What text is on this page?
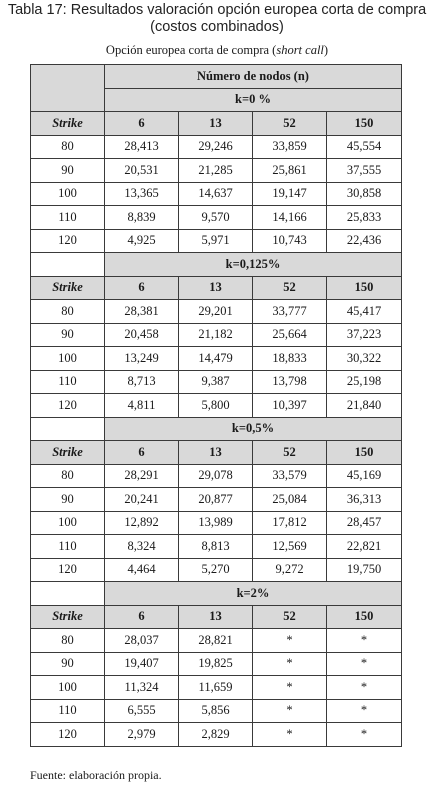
Tabla 17: Resultados valoración opción europea corta de compra
(costos combinados)
Opción europea corta de compra (short call)
	Número de nodos (n)			
	k=0 %			
Strike	6	13	52	150
80	28,413	29,246	33,859	45,554
90	20,531	21,285	25,861	37,555
100	13,365	14,637	19,147	30,858
110	8,839	9,570	14,166	25,833
120	4,925	5,971	10,743	22,436
	k=0,125%			
Strike	6	13	52	150
80	28,381	29,201	33,777	45,417
90	20,458	21,182	25,664	37,223
100	13,249	14,479	18,833	30,322
110	8,713	9,387	13,798	25,198
120	4,811	5,800	10,397	21,840
	k=0,5%			
Strike	6	13	52	150
80	28,291	29,078	33,579	45,169
90	20,241	20,877	25,084	36,313
100	12,892	13,989	17,812	28,457
110	8,324	8,813	12,569	22,821
120	4,464	5,270	9,272	19,750
	k=2%			
Strike	6	13	52	150
80	28,037	28,821	*	*
90	19,407	19,825	*	*
100	11,324	11,659	*	*
110	6,555	5,856	*	*
120	2,979	2,829	*	*
Fuente: elaboración propia.
